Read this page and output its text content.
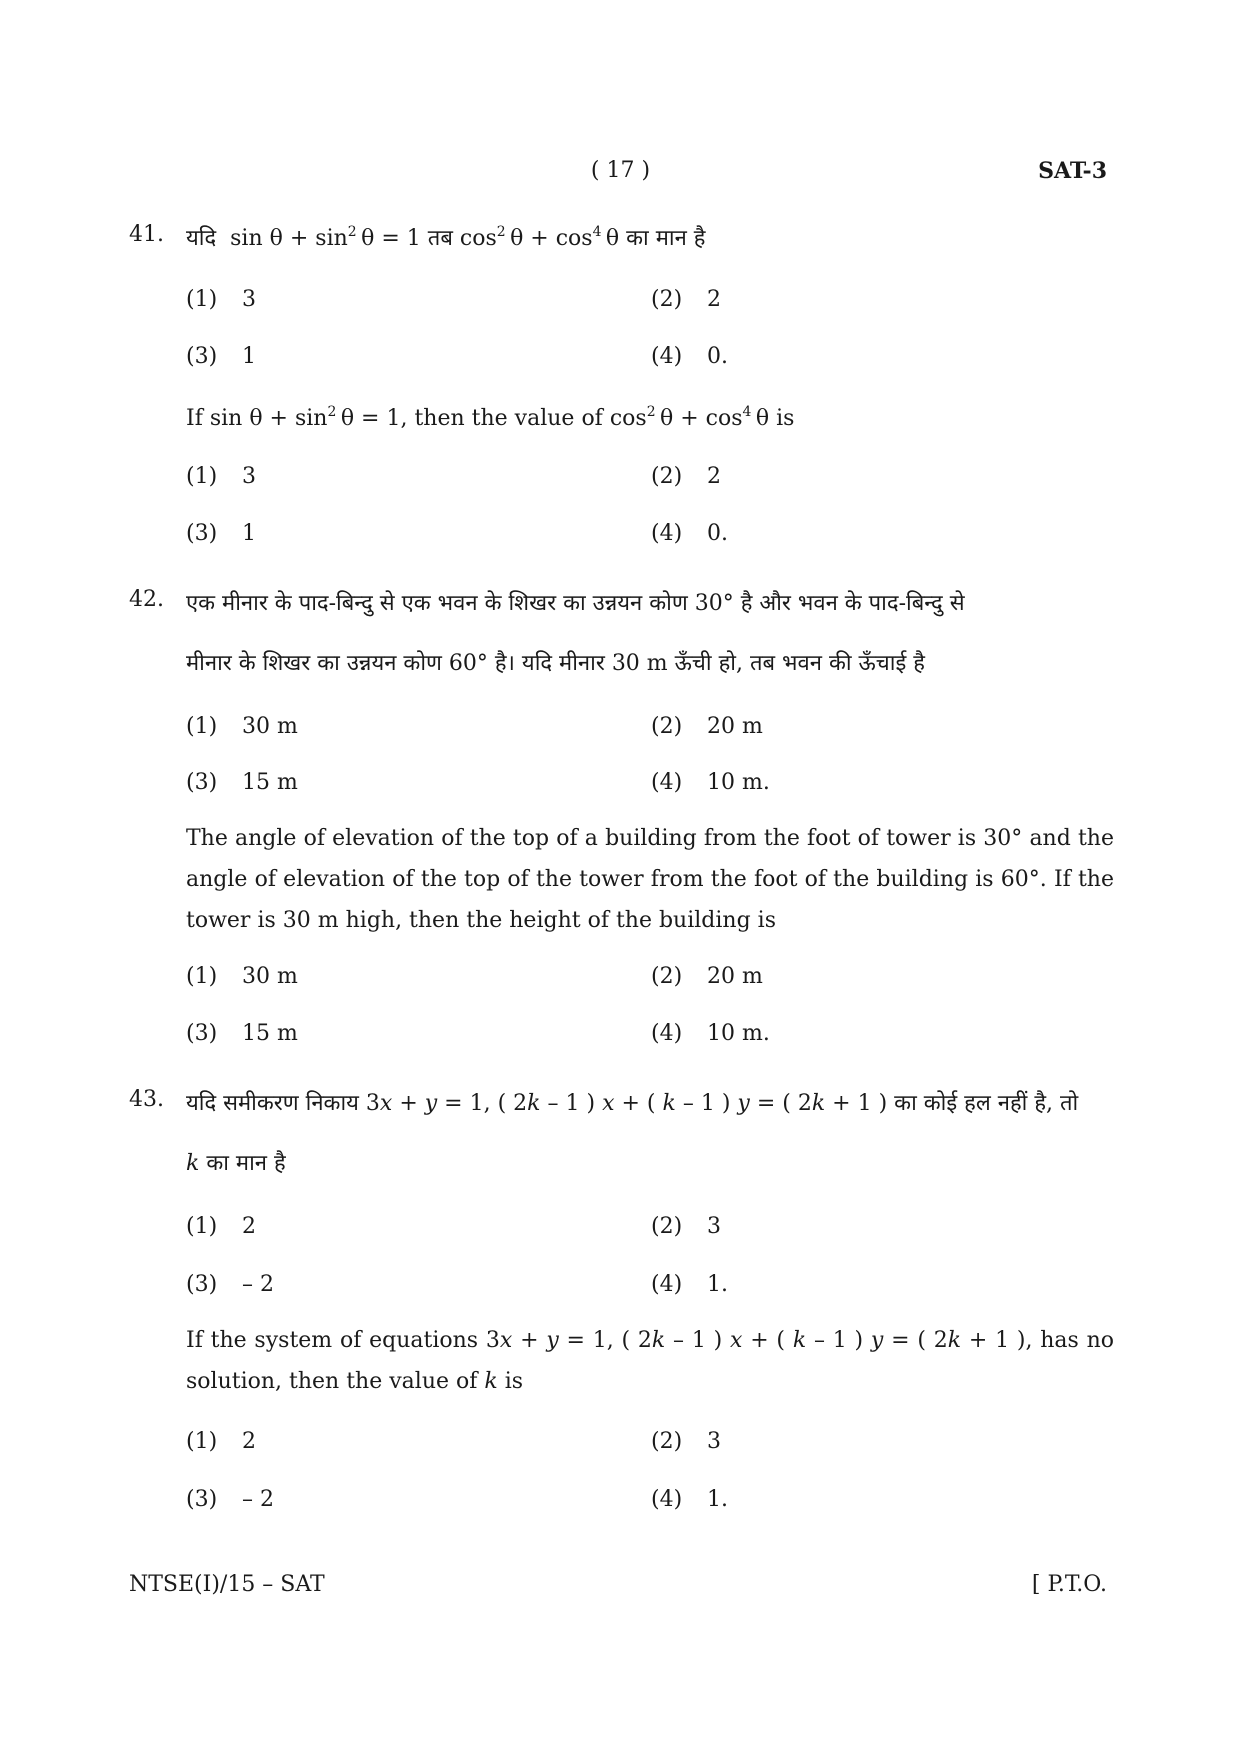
( 17 )	SAT-3
41. यदि $\sin \theta + \sin^2 \theta = 1$ तब $\cos^2 \theta + \cos^4 \theta$ का मान है
(1) 3	(2) 2
(3) 1	(4) 0.
If $\sin \theta + \sin^2 \theta = 1$, then the value of $\cos^2 \theta + \cos^4 \theta$ is
(1) 3	(2) 2
(3) 1	(4) 0.
42. एक मीनार के पाद-बिन्दु से एक भवन के शिखर का उन्नयन कोण 30° है और भवन के पाद-बिन्दु से
मीनार के शिखर का उन्नयन कोण 60° है। यदि मीनार 30 m ऊँची हो, तब भवन की ऊँचाई है
(1) 30 m	(2) 20 m
(3) 15 m	(4) 10 m.
The angle of elevation of the top of a building from the foot of tower is 30° and the angle of elevation of the top of the tower from the foot of the building is 60°. If the tower is 30 m high, then the height of the building is
(1) 30 m	(2) 20 m
(3) 15 m	(4) 10 m.
43. यदि समीकरण निकाय 3x + y = 1, ( 2k – 1 ) x + ( k – 1 ) y = ( 2k + 1 ) का कोई हल नहीं है, तो
k का मान है
(1) 2	(2) 3
(3) – 2	(4) 1.
If the system of equations 3x + y = 1, ( 2k – 1 ) x + ( k – 1 ) y = ( 2k + 1 ), has no solution, then the value of k is
(1) 2	(2) 3
(3) – 2	(4) 1.
NTSE(I)/15 – SAT	[ P.T.O.
